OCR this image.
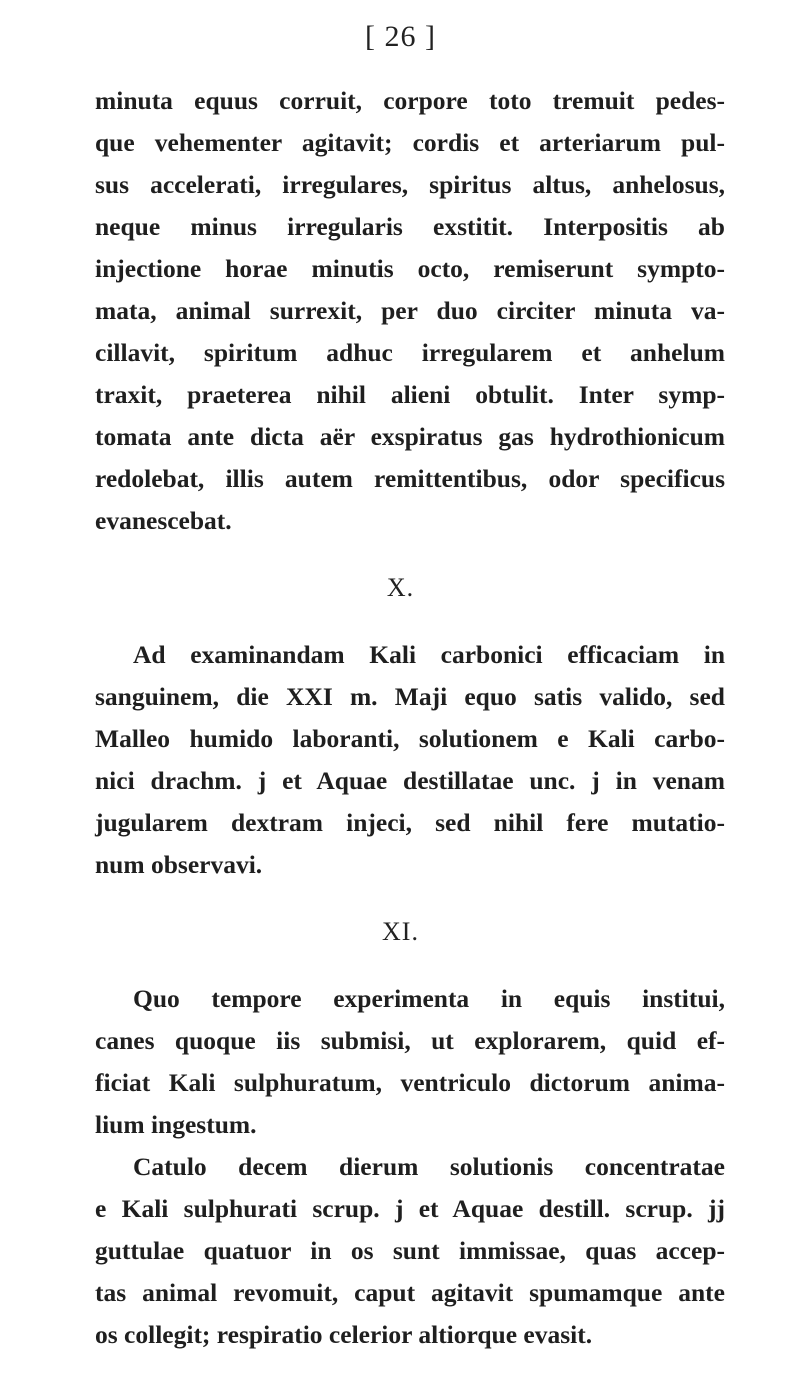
[ 26 ]
minuta equus corruit, corpore toto tremuit pedes-
que vehementer agitavit; cordis et arteriarum pul-
sus accelerati, irregulares, spiritus altus, anhelosus,
neque minus irregularis exstitit. Interpositis ab
injectione horae minutis octo, remiserunt sympto-
mata, animal surrexit, per duo circiter minuta va-
cillavit, spiritum adhuc irregularem et anhelum
traxit, praeterea nihil alieni obtulit. Inter symp-
tomata ante dicta aër exspiratus gas hydrothionicum
redolebat, illis autem remittentibus, odor specificus
evanescebat.
X.
Ad examinandam Kali carbonici efficaciam in
sanguinem, die XXI m. Maji equo satis valido, sed
Malleo humido laboranti, solutionem e Kali carbo-
nici drachm. j et Aquae destillatae unc. j in venam
jugularem dextram injeci, sed nihil fere mutatio-
num observavi.
XI.
Quo tempore experimenta in equis institui,
canes quoque iis submisi, ut explorarem, quid ef-
ficiat Kali sulphuratum, ventriculo dictorum anima-
lium ingestum.
Catulo decem dierum solutionis concentratae
e Kali sulphurati scrup. j et Aquae destill. scrup. jj
guttulae quatuor in os sunt immissae, quas accep-
tas animal revomuit, caput agitavit spumamque ante
os collegit; respiratio celerior altiorque evasit.
